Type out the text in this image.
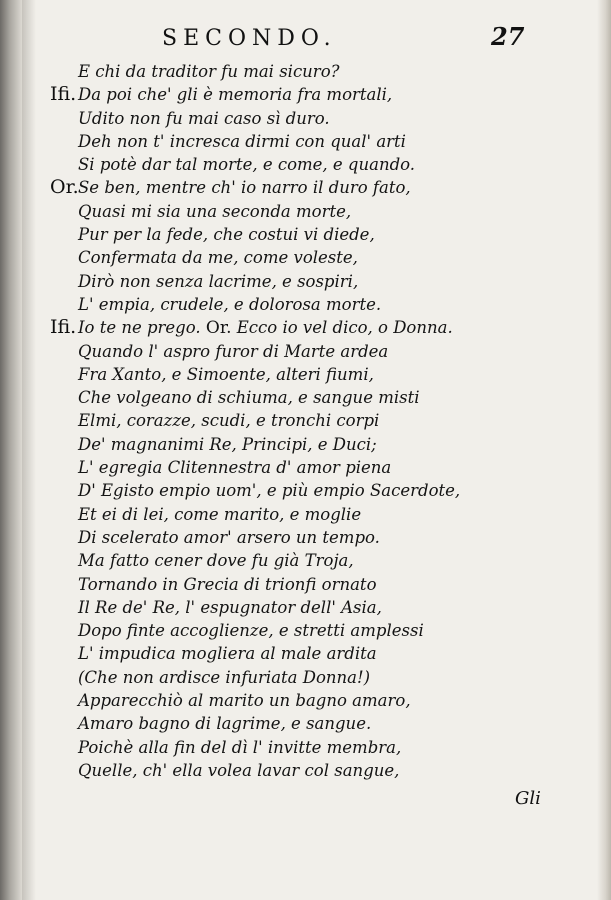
SECONDO.	27
E chi da traditor fu mai sicuro?
Ifi. Da poi che' gli è memoria fra mortali,
Udito non fu mai caso sì duro.
Deh non t' incresca dirmi con qual' arti
Si potè dar tal morte, e come, e quando.
Or. Se ben, mentre ch' io narro il duro fato,
Quasi mi sia una seconda morte,
Pur per la fede, che costui vi diede,
Confermata da me, come voleste,
Dirò non senza lacrime, e sospiri,
L' empia, crudele, e dolorosa morte.
Ifi. Io te ne prego. Or. Ecco io vel dico, o Donna.
Quando l' aspro furor di Marte ardea
Fra Xanto, e Simoente, alteri fiumi,
Che volgeano di schiuma, e sangue misti
Elmi, corazze, scudi, e tronchi corpi
De' magnanimi Re, Principi, e Duci;
L' egregia Clitennestra d' amor piena
D' Egisto empio uom', e più empio Sacerdote,
Et ei di lei, come marito, e moglie
Di scelerato amor' arsero un tempo.
Ma fatto cener dove fu già Troja,
Tornando in Grecia di trionfi ornato
Il Re de' Re, l' espugnator dell' Asia,
Dopo finte accoglienze, e stretti amplessi
L' impudica mogliera al male ardita
(Che non ardisce infuriata Donna!)
Apparecchiò al marito un bagno amaro,
Amaro bagno di lagrime, e sangue.
Poichè alla fin del dì l' invitte membra,
Quelle, ch' ella volea lavar col sangue,
Gli
